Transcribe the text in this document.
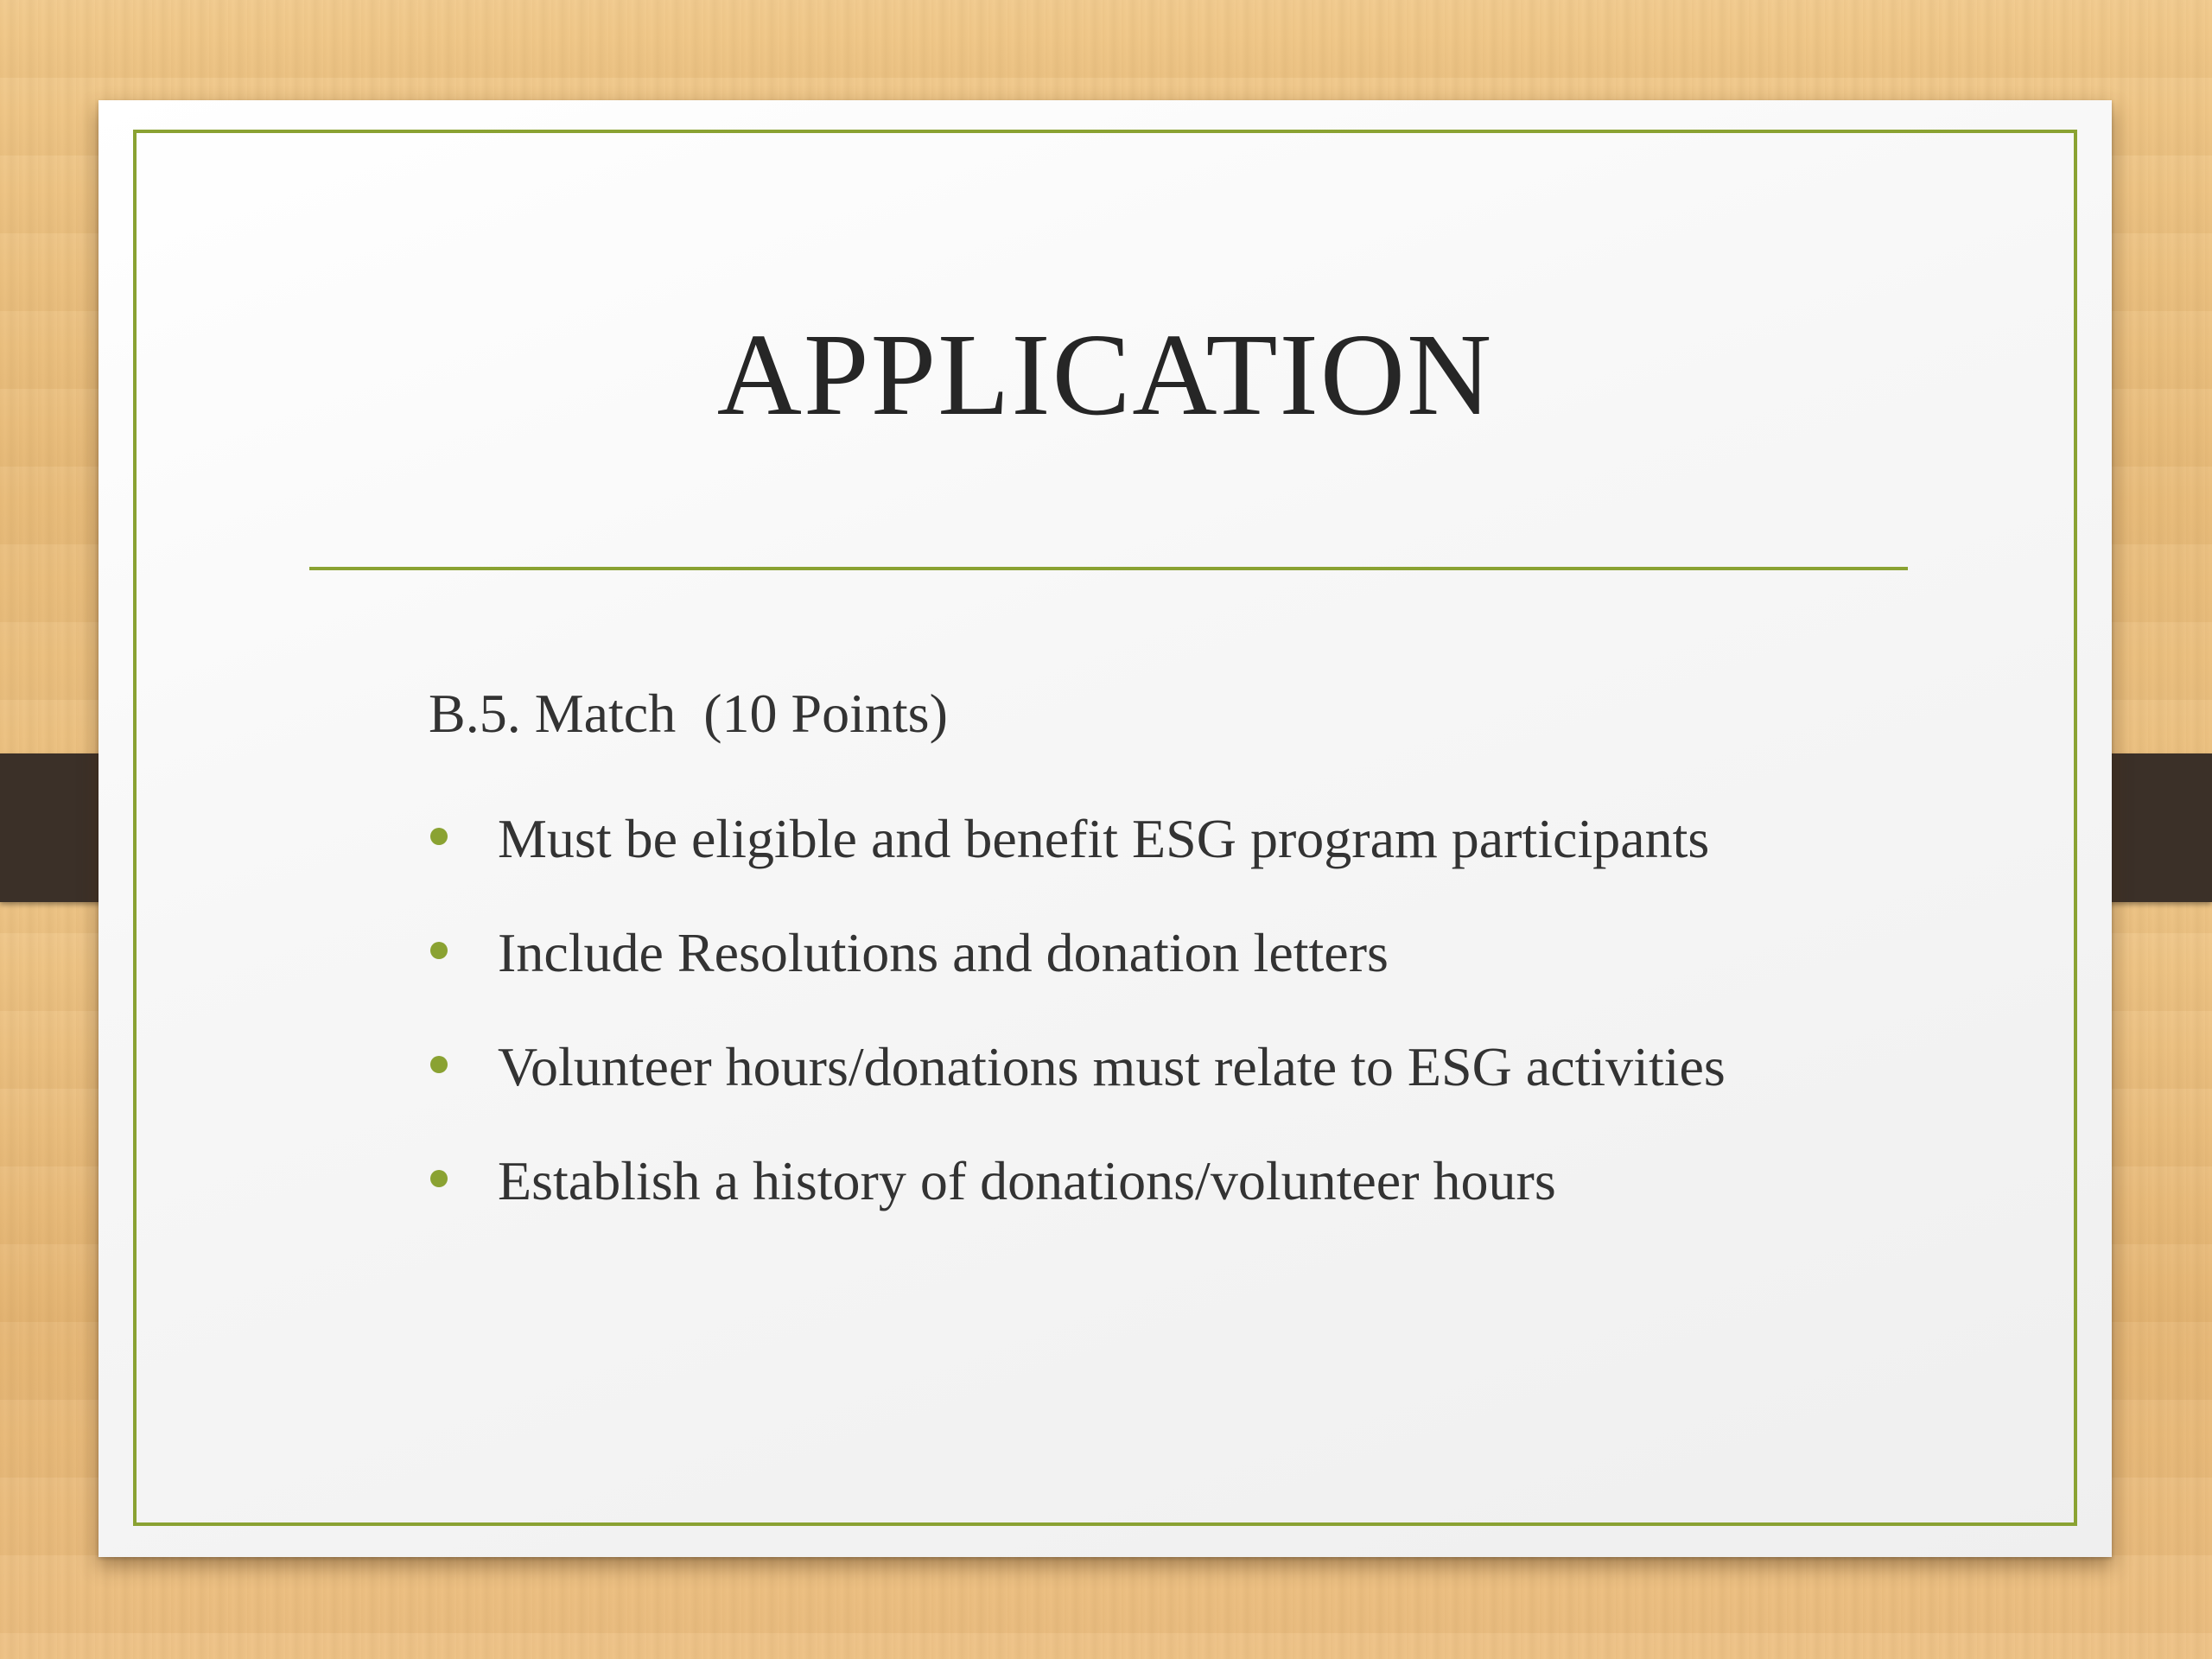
APPLICATION
B.5. Match  (10 Points)
Must be eligible and benefit ESG program participants
Include Resolutions and donation letters
Volunteer hours/donations must relate to ESG activities
Establish a history of donations/volunteer hours
